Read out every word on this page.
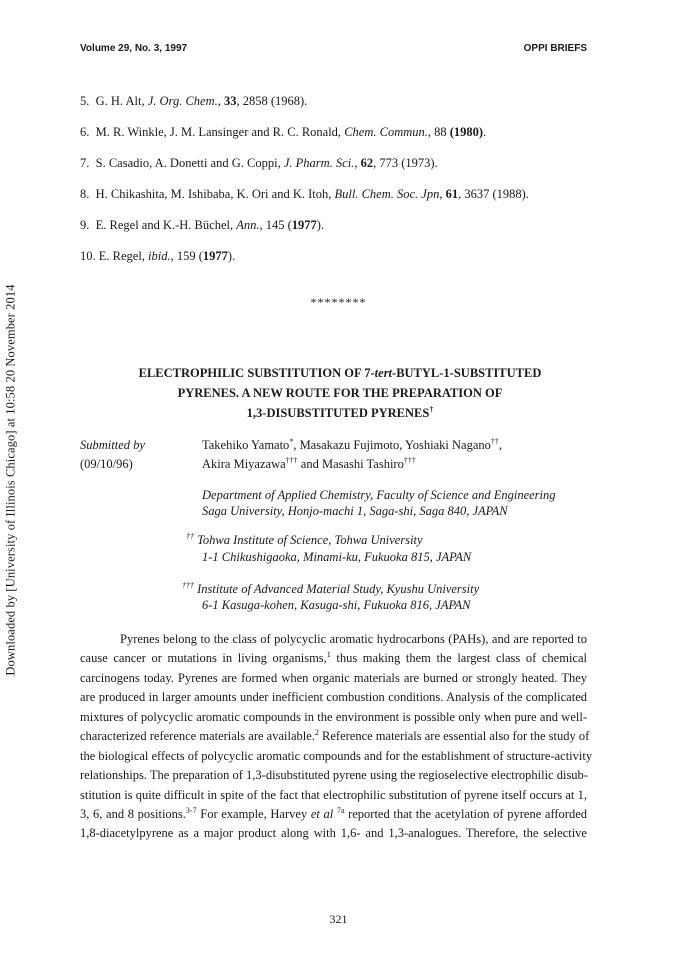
Downloaded by [University of Illinois Chicago] at 10:58 20 November 2014
Volume 29, No. 3, 1997	OPPI BRIEFS
5.  G. H. Alt, J. Org. Chem., 33, 2858 (1968).
6.  M. R. Winkle, J. M. Lansinger and R. C. Ronald, Chem. Commun., 88 (1980).
7.  S. Casadio, A. Donetti and G. Coppi, J. Pharm. Sci., 62, 773 (1973).
8.  H. Chikashita, M. Ishibaba, K. Ori and K. Itoh, Bull. Chem. Soc. Jpn, 61, 3637 (1988).
9.  E. Regel and K.-H. Büchel, Ann., 145 (1977).
10. E. Regel, ibid., 159 (1977).
********
ELECTROPHILIC SUBSTITUTION OF 7-tert-BUTYL-1-SUBSTITUTED
PYRENES. A NEW ROUTE FOR THE PREPARATION OF
1,3-DISUBSTITUTED PYRENES†
Submitted by
(09/10/96)
Takehiko Yamato*, Masakazu Fujimoto, Yoshiaki Nagano††,
Akira Miyazawa††† and Masashi Tashiro†††
Department of Applied Chemistry, Faculty of Science and Engineering
Saga University, Honjo-machi 1, Saga-shi, Saga 840, JAPAN
†† Tohwa Institute of Science, Tohwa University
1-1 Chikushigaoka, Minami-ku, Fukuoka 815, JAPAN
††† Institute of Advanced Material Study, Kyushu University
6-1 Kasuga-kohen, Kasuga-shi, Fukuoka 816, JAPAN
Pyrenes belong to the class of polycyclic aromatic hydrocarbons (PAHs), and are reported to
cause cancer or mutations in living organisms,$^1$ thus making them the largest class of chemical
carcinogens today. Pyrenes are formed when organic materials are burned or strongly heated. They
are produced in larger amounts under inefficient combustion conditions. Analysis of the complicated
mixtures of polycyclic aromatic compounds in the environment is possible only when pure and well-
characterized reference materials are available.$^2$ Reference materials are essential also for the study of
the biological effects of polycyclic aromatic compounds and for the establishment of structure-activity
relationships. The preparation of 1,3-disubstituted pyrene using the regioselective electrophilic disub-
stitution is quite difficult in spite of the fact that electrophilic substitution of pyrene itself occurs at 1,
3, 6, and 8 positions.$^{3-7}$ For example, Harvey et al $^{7a}$ reported that the acetylation of pyrene afforded
1,8-diacetylpyrene as a major product along with 1,6- and 1,3-analogues. Therefore, the selective
321
